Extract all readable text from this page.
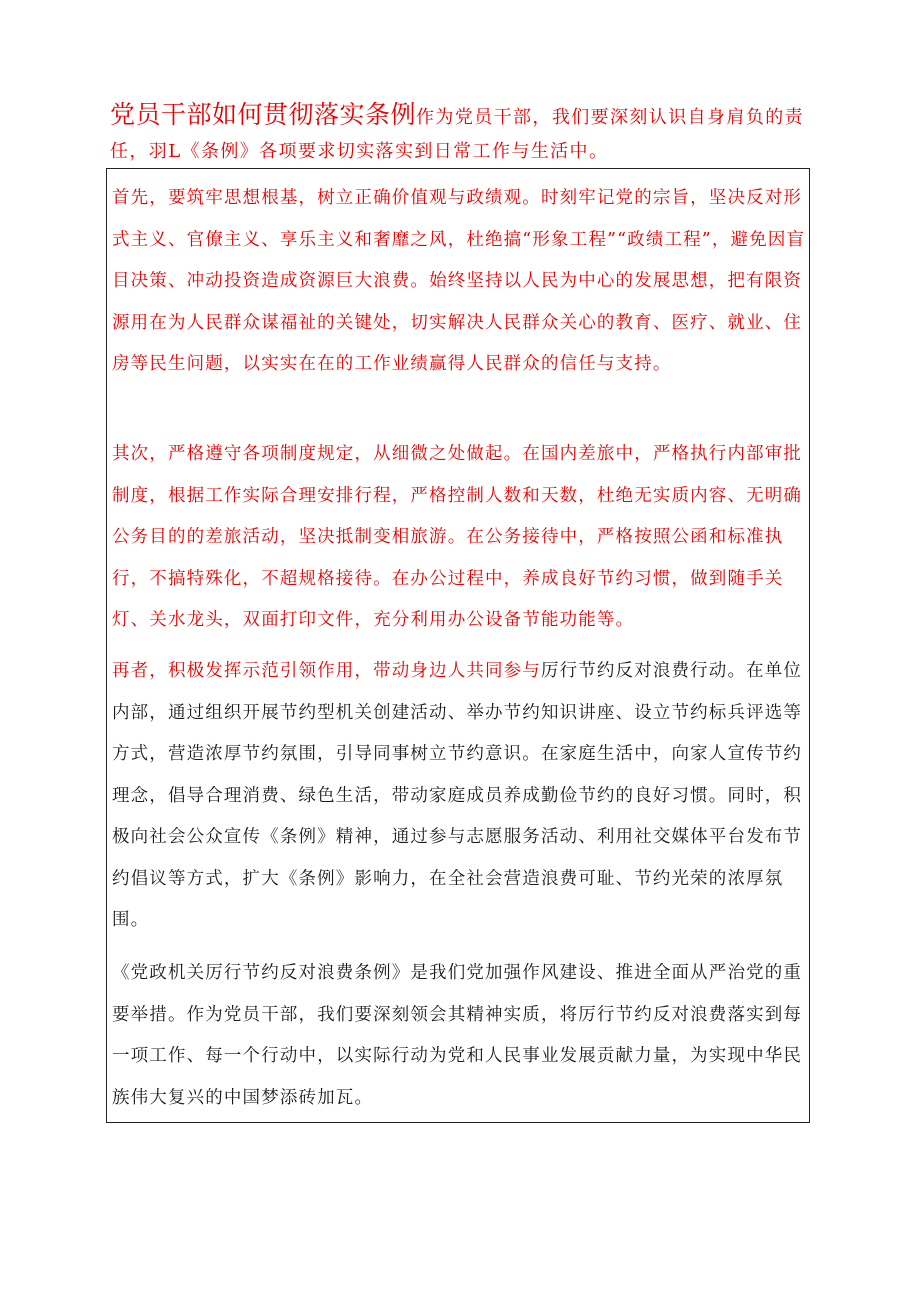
党员干部如何贯彻落实条例作为党员干部，我们要深刻认识自身肩负的责任，羽L《条例》各项要求切实落实到日常工作与生活中。

首先，要筑牢思想根基，树立正确价值观与政绩观。时刻牢记党的宗旨，坚决反对形式主义、官僚主义、享乐主义和奢靡之风，杜绝搞“形象工程”“政绩工程”，避免因盲目决策、冲动投资造成资源巨大浪费。始终坚持以人民为中心的发展思想，把有限资源用在为人民群众谋福祉的关键处，切实解决人民群众关心的教育、医疗、就业、住房等民生问题，以实实在在的工作业绩赢得人民群众的信任与支持。

其次，严格遵守各项制度规定，从细微之处做起。在国内差旅中，严格执行内部审批制度，根据工作实际合理安排行程，严格控制人数和天数，杜绝无实质内容、无明确公务目的的差旅活动，坚决抵制变相旅游。在公务接待中，严格按照公函和标准执行，不搞特殊化，不超规格接待。在办公过程中，养成良好节约习惯，做到随手关灯、关水龙头，双面打印文件，充分利用办公设备节能功能等。

再者，积极发挥示范引领作用，带动身边人共同参与厉行节约反对浪费行动。在单位内部，通过组织开展节约型机关创建活动、举办节约知识讲座、设立节约标兵评选等方式，营造浓厚节约氛围，引导同事树立节约意识。在家庭生活中，向家人宣传节约理念，倡导合理消费、绿色生活，带动家庭成员养成勤俭节约的良好习惯。同时，积极向社会公众宣传《条例》精神，通过参与志愿服务活动、利用社交媒体平台发布节约倡议等方式，扩大《条例》影响力，在全社会营造浪费可耻、节约光荣的浓厚氛围。

《党政机关厉行节约反对浪费条例》是我们党加强作风建设、推进全面从严治党的重要举措。作为党员干部，我们要深刻领会其精神实质，将厉行节约反对浪费落实到每一项工作、每一个行动中，以实际行动为党和人民事业发展贡献力量，为实现中华民族伟大复兴的中国梦添砖加瓦。
